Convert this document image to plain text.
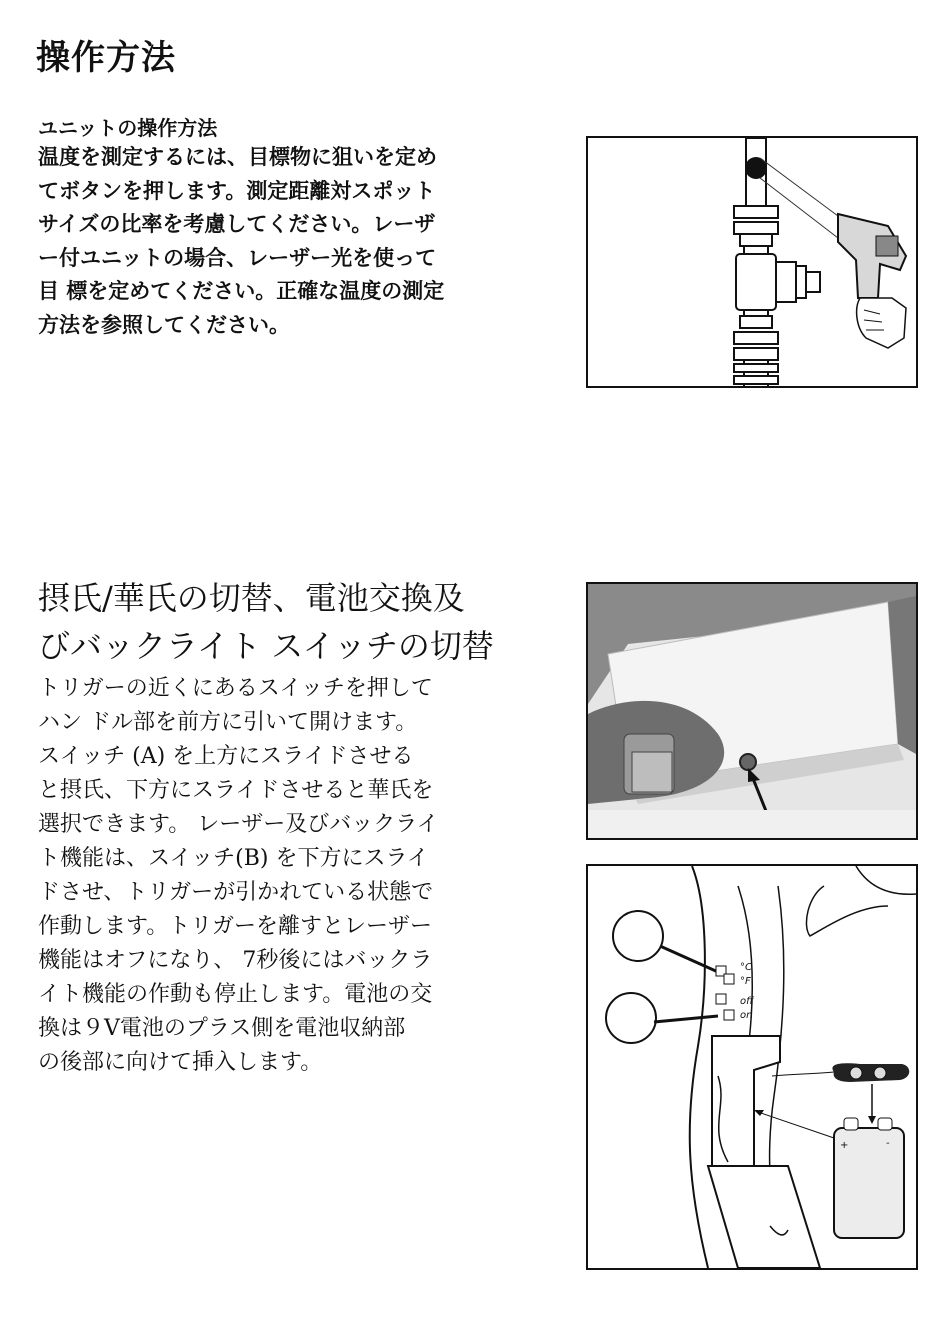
操作方法
ユニットの操作方法
温度を測定するには、目標物に狙いを定め
てボタンを押します。測定距離対スポット
サイズの比率を考慮してください。レーザ
ー付ユニットの場合、レーザー光を使って
目 標を定めてください。正確な温度の測定
方法を参照してください。
摂氏/華氏の切替、電池交換及
びバックライト スイッチの切替
トリガーの近くにあるスイッチを押して
ハン ドル部を前方に引いて開けます。
スイッチ (A) を上方にスライドさせる
と摂氏、下方にスライドさせると華氏を
選択できます。 レーザー及びバックライ
ト機能は、スイッチ(B) を下方にスライ
ドさせ、トリガーが引かれている状態で
作動します。トリガーを離すとレーザー
機能はオフになり、 7秒後にはバックラ
イト機能の作動も停止します。電池の交
換は９V電池のプラス側を電池収納部
の後部に向けて挿入します。
°C
°F
off
on
+	-
